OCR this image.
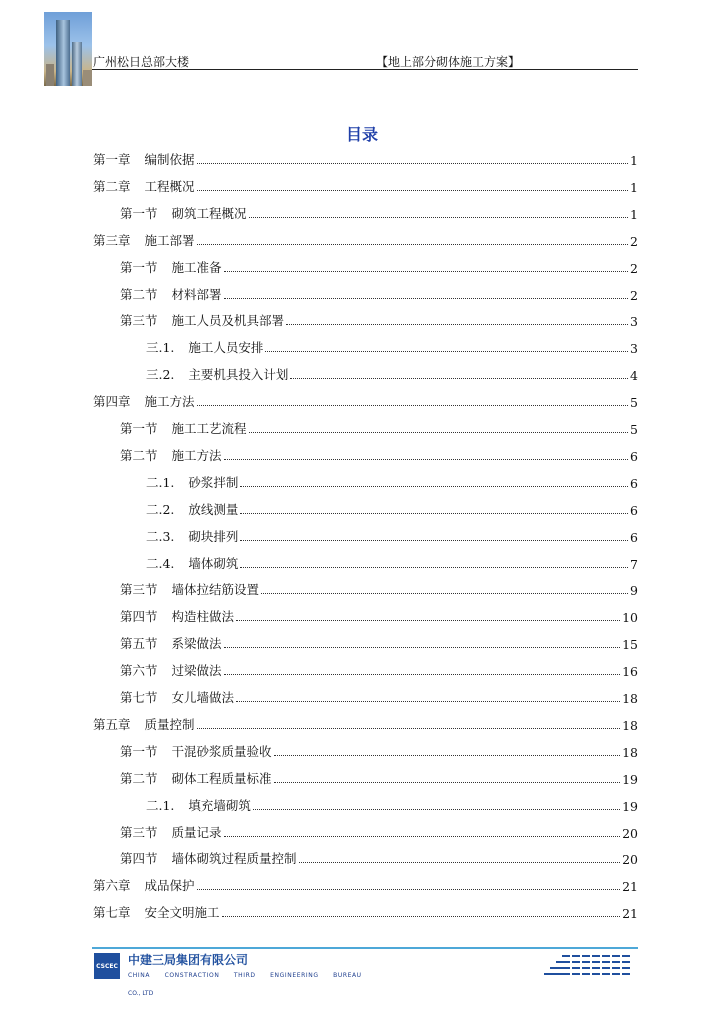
广州松日总部大楼	【地上部分砌体施工方案】
目录
第一章 编制依据	1
第二章 工程概况	1
第一节 砌筑工程概况	1
第三章 施工部署	2
第一节 施工准备	2
第二节 材料部署	2
第三节 施工人员及机具部署	3
三.1. 施工人员安排	3
三.2. 主要机具投入计划	4
第四章 施工方法	5
第一节 施工工艺流程	5
第二节 施工方法	6
二.1. 砂浆拌制	6
二.2. 放线测量	6
二.3. 砌块排列	6
二.4. 墙体砌筑	7
第三节 墙体拉结筋设置	9
第四节 构造柱做法	10
第五节 系梁做法	15
第六节 过梁做法	16
第七节 女儿墙做法	18
第五章 质量控制	18
第一节 干混砂浆质量验收	18
第二节 砌体工程质量标准	19
二.1. 填充墙砌筑	19
第三节 质量记录	20
第四节 墙体砌筑过程质量控制	20
第六章 成品保护	21
第七章 安全文明施工	21
CSCEC 中建三局集团有限公司
CHINA CONSTRACTION THIRD ENGINEERING BUREAU
CO., LTD
